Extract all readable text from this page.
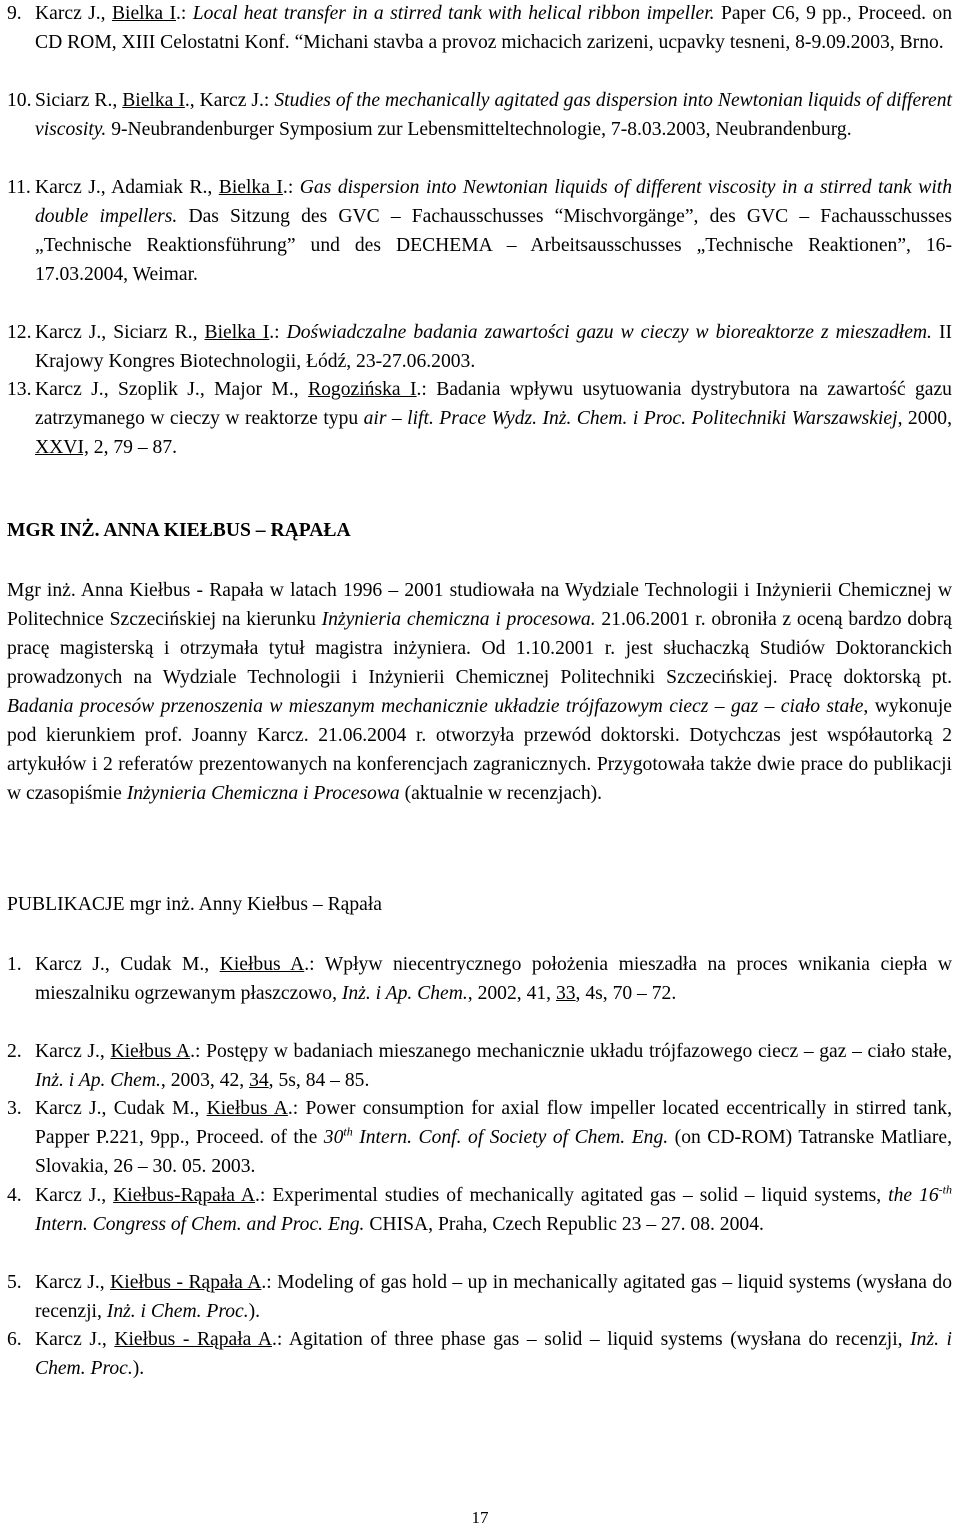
9. Karcz J., Bielka I.: Local heat transfer in a stirred tank with helical ribbon impeller. Paper C6, 9 pp., Proceed. on CD ROM, XIII Celostatni Konf. “Michani stavba a provoz michacich zarizeni, ucpavky tesneni, 8-9.09.2003, Brno.
10. Siciarz R., Bielka I., Karcz J.: Studies of the mechanically agitated gas dispersion into Newtonian liquids of different viscosity. 9-Neubrandenburger Symposium zur Lebensmitteltechnologie, 7-8.03.2003, Neubrandenburg.
11. Karcz J., Adamiak R., Bielka I.: Gas dispersion into Newtonian liquids of different viscosity in a stirred tank with double impellers. Das Sitzung des GVC – Fachausschusses “Mischvorgänge”, des GVC – Fachausschusses „Technische Reaktionsführung” und des DECHEMA – Arbeitsausschusses „Technische Reaktionen”, 16-17.03.2004, Weimar.
12. Karcz J., Siciarz R., Bielka I.: Doświadczalne badania zawartości gazu w cieczy w bioreaktorze z mieszadłem. II Krajowy Kongres Biotechnologii, Łódź, 23-27.06.2003.
13. Karcz J., Szoplik J., Major M., Rogozińska I.: Badania wpływu usytuowania dystrybutora na zawartość gazu zatrzymanego w cieczy w reaktorze typu air – lift. Prace Wydz. Inż. Chem. i Proc. Politechniki Warszawskiej, 2000, XXVI, 2, 79 – 87.
MGR INŻ. ANNA KIEŁBUS – RĄPAŁA
Mgr inż. Anna Kiełbus - Rapała w latach 1996 – 2001 studiowała na Wydziale Technologii i Inżynierii Chemicznej w Politechnice Szczecińskiej na kierunku Inżynieria chemiczna i procesowa. 21.06.2001 r. obroniła z oceną bardzo dobrą pracę magisterską i otrzymała tytuł magistra inżyniera. Od 1.10.2001 r. jest słuchaczką Studiów Doktoranckich prowadzonych na Wydziale Technologii i Inżynierii Chemicznej Politechniki Szczecińskiej. Pracę doktorską pt. Badania procesów przenoszenia w mieszanym mechanicznie układzie trójfazowym ciecz – gaz – ciało stałe, wykonuje pod kierunkiem prof. Joanny Karcz. 21.06.2004 r. otworzyła przewód doktorski. Dotychczas jest współautorką 2 artykułów i 2 referatów prezentowanych na konferencjach zagranicznych. Przygotowała także dwie prace do publikacji w czasopiśmie Inżynieria Chemiczna i Procesowa (aktualnie w recenzjach).
PUBLIKACJE mgr inż. Anny Kiełbus – Rąpała
1. Karcz J., Cudak M., Kiełbus A.: Wpływ niecentrycznego położenia mieszadła na proces wnikania ciepła w mieszalniku ogrzewanym płaszczowo, Inż. i Ap. Chem., 2002, 41, 33, 4s, 70 – 72.
2. Karcz J., Kiełbus A.: Postępy w badaniach mieszanego mechanicznie układu trójfazowego ciecz – gaz – ciało stałe, Inż. i Ap. Chem., 2003, 42, 34, 5s, 84 – 85.
3. Karcz J., Cudak M., Kiełbus A.: Power consumption for axial flow impeller located eccentrically in stirred tank, Papper P.221, 9pp., Proceed. of the 30th Intern. Conf. of Society of Chem. Eng. (on CD-ROM) Tatranske Matliare, Slovakia, 26 – 30. 05. 2003.
4. Karcz J., Kiełbus-Rąpała A.: Experimental studies of mechanically agitated gas – solid – liquid systems, the $16^{-th}$ Intern. Congress of Chem. and Proc. Eng. CHISA, Praha, Czech Republic 23 – 27. 08. 2004.
5. Karcz J., Kiełbus - Rąpała A.: Modeling of gas hold – up in mechanically agitated gas – liquid systems (wysłana do recenzji, Inż. i Chem. Proc.).
6. Karcz J., Kiełbus - Rąpała A.: Agitation of three phase gas – solid – liquid systems (wysłana do recenzji, Inż. i Chem. Proc.).
17
